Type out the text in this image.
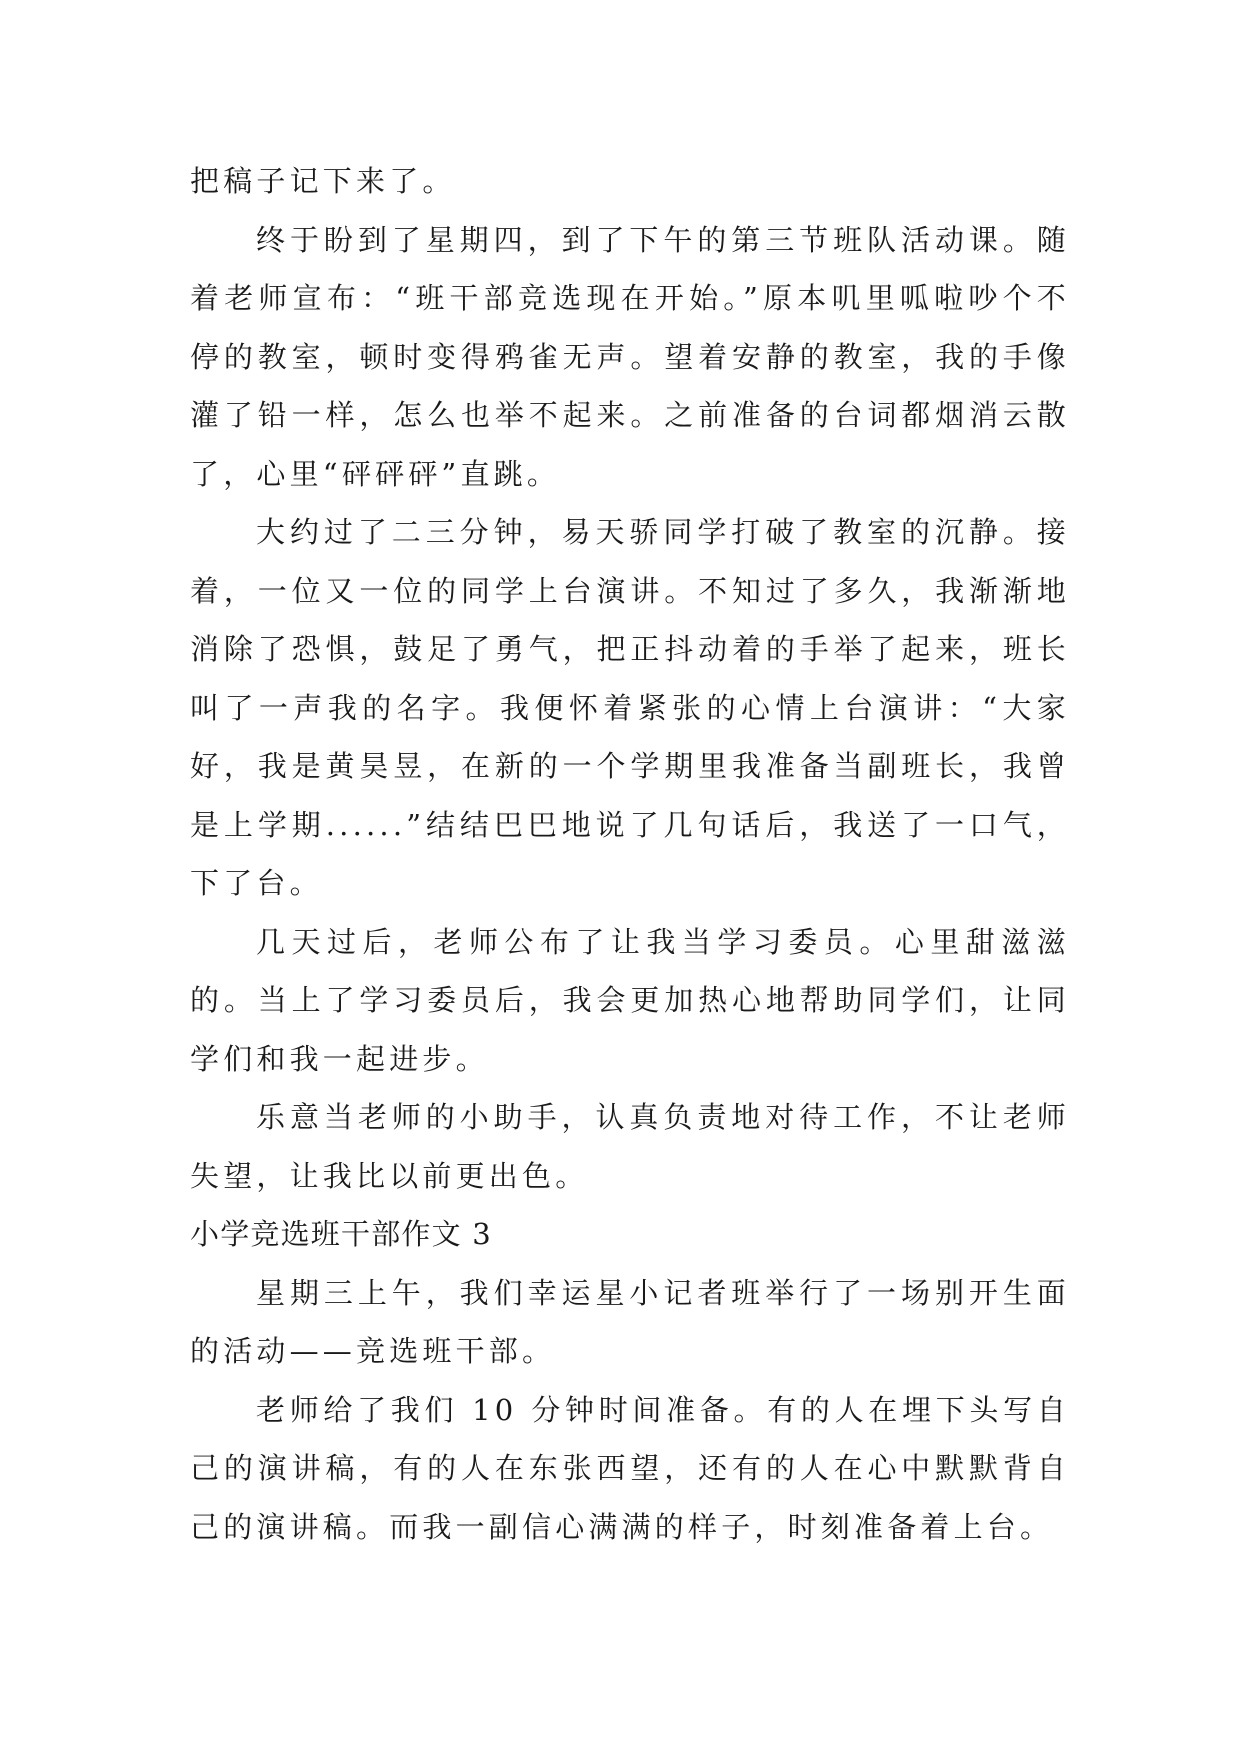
把稿子记下来了。

终于盼到了星期四，到了下午的第三节班队活动课。随着老师宣布：“班干部竞选现在开始。”原本叽里呱啦吵个不停的教室，顿时变得鸦雀无声。望着安静的教室，我的手像灌了铅一样，怎么也举不起来。之前准备的台词都烟消云散了，心里“砰砰砰”直跳。

大约过了二三分钟，易天骄同学打破了教室的沉静。接着，一位又一位的同学上台演讲。不知过了多久，我渐渐地消除了恐惧，鼓足了勇气，把正抖动着的手举了起来，班长叫了一声我的名字。我便怀着紧张的心情上台演讲：“大家好，我是黄昊昱，在新的一个学期里我准备当副班长，我曾是上学期......”结结巴巴地说了几句话后，我送了一口气，下了台。

几天过后，老师公布了让我当学习委员。心里甜滋滋的。当上了学习委员后，我会更加热心地帮助同学们，让同学们和我一起进步。

乐意当老师的小助手，认真负责地对待工作，不让老师失望，让我比以前更出色。

小学竞选班干部作文 3

星期三上午，我们幸运星小记者班举行了一场别开生面的活动——竞选班干部。

老师给了我们 10 分钟时间准备。有的人在埋下头写自己的演讲稿，有的人在东张西望，还有的人在心中默默背自己的演讲稿。而我一副信心满满的样子，时刻准备着上台。
